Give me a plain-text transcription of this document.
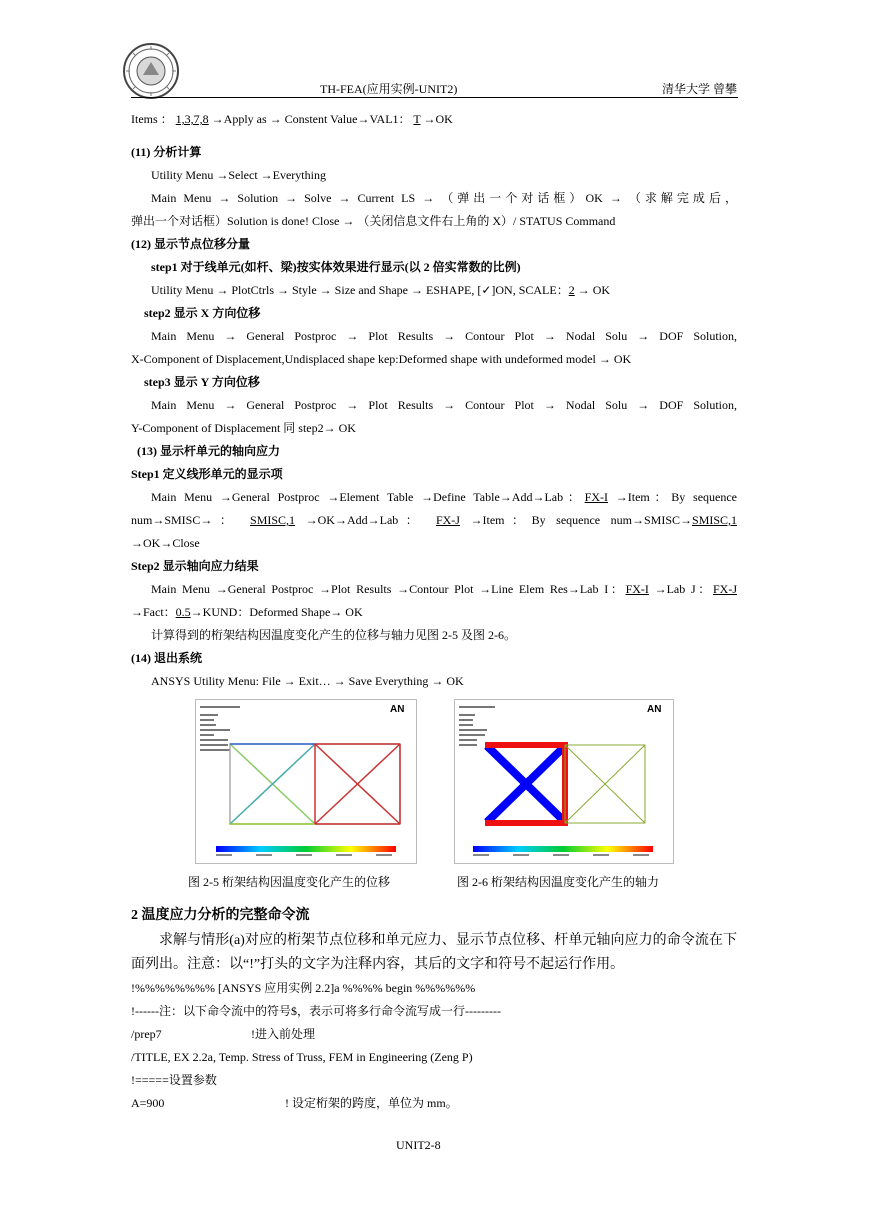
TH-FEA(应用实例-UNIT2)	清华大学 曾攀
Items ： 1,3,7,8 →Apply as → Constent Value→VAL1： T →OK
(11) 分析计算
Utility Menu →Select →Everything
Main Menu → Solution → Solve → Current LS → （弹出一个对话框）OK → （求解完成后，
弹出一个对话框）Solution is done! Close → （关闭信息文件右上角的 X）/ STATUS Command
(12) 显示节点位移分量
step1 对于线单元(如杆、梁)按实体效果进行显示(以 2 倍实常数的比例)
Utility Menu → PlotCtrls → Style → Size and Shape → ESHAPE, [✓]ON, SCALE：2 → OK
step2 显示 X 方向位移
Main Menu → General Postproc → Plot Results → Contour Plot → Nodal Solu → DOF Solution,
X-Component of Displacement,Undisplaced shape kep:Deformed shape with undeformed model → OK
step3 显示 Y 方向位移
Main Menu → General Postproc → Plot Results → Contour Plot → Nodal Solu → DOF Solution,
Y-Component of Displacement 同 step2→ OK
(13) 显示杆单元的轴向应力
Step1 定义线形单元的显示项
Main Menu →General Postproc →Element Table →Define Table→Add→Lab：FX-I →Item：By sequence
num→SMISC→： SMISC,1 →OK→Add→Lab： FX-J →Item：By sequence num→SMISC→SMISC,1
→OK→Close
Step2 显示轴向应力结果
Main Menu →General Postproc →Plot Results →Contour Plot →Line Elem Res→Lab I：FX-I →Lab J：FX-J
→Fact：0.5→KUND：Deformed Shape→ OK
计算得到的桁架结构因温度变化产生的位移与轴力见图 2-5 及图 2-6。
(14) 退出系统
ANSYS Utility Menu: File → Exit… → Save Everything → OK
AN	AN
图 2-5 桁架结构因温度变化产生的位移	图 2-6 桁架结构因温度变化产生的轴力
2 温度应力分析的完整命令流
求解与情形(a)对应的桁架节点位移和单元应力、显示节点位移、杆单元轴向应力的命令流在下面列出。注意：以“!”打头的文字为注释内容，其后的文字和符号不起运行作用。
!%%%%%%%% [ANSYS 应用实例 2.2]a %%%% begin %%%%%%
!------注：以下命令流中的符号$，表示可将多行命令流写成一行---------
/prep7	!进入前处理
/TITLE, EX 2.2a, Temp. Stress of Truss, FEM in Engineering (Zeng P)
!=====设置参数
A=900	! 设定桁架的跨度，单位为 mm。
UNIT2-8
